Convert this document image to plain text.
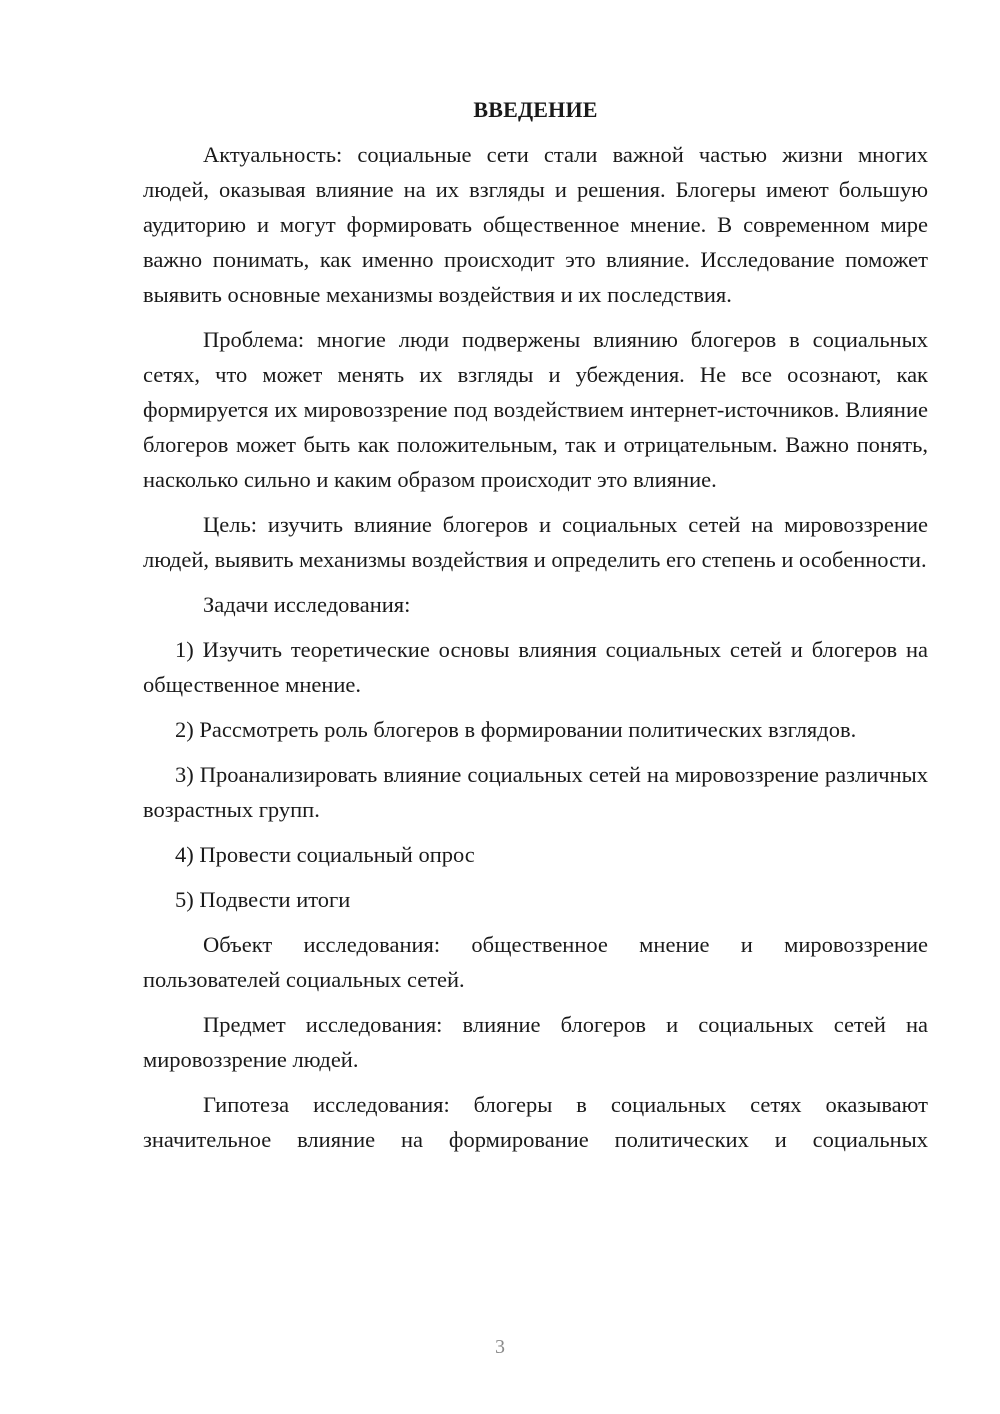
ВВЕДЕНИЕ

Актуальность: социальные сети стали важной частью жизни многих людей, оказывая влияние на их взгляды и решения. Блогеры имеют большую аудиторию и могут формировать общественное мнение. В современном мире важно понимать, как именно происходит это влияние. Исследование поможет выявить основные механизмы воздействия и их последствия.

Проблема: многие люди подвержены влиянию блогеров в социальных сетях, что может менять их взгляды и убеждения. Не все осознают, как формируется их мировоззрение под воздействием интернет-источников. Влияние блогеров может быть как положительным, так и отрицательным. Важно понять, насколько сильно и каким образом происходит это влияние.

Цель: изучить влияние блогеров и социальных сетей на мировоззрение людей, выявить механизмы воздействия и определить его степень и особенности.

Задачи исследования:

1) Изучить теоретические основы влияния социальных сетей и блогеров на общественное мнение.

2) Рассмотреть роль блогеров в формировании политических взглядов.

3) Проанализировать влияние социальных сетей на мировоззрение различных возрастных групп.

4) Провести социальный опрос

5) Подвести итоги

Объект исследования: общественное мнение и мировоззрение пользователей социальных сетей.

Предмет исследования: влияние блогеров и социальных сетей на мировоззрение людей.

Гипотеза исследования: блогеры в социальных сетях оказывают значительное влияние на формирование политических и социальных

3
